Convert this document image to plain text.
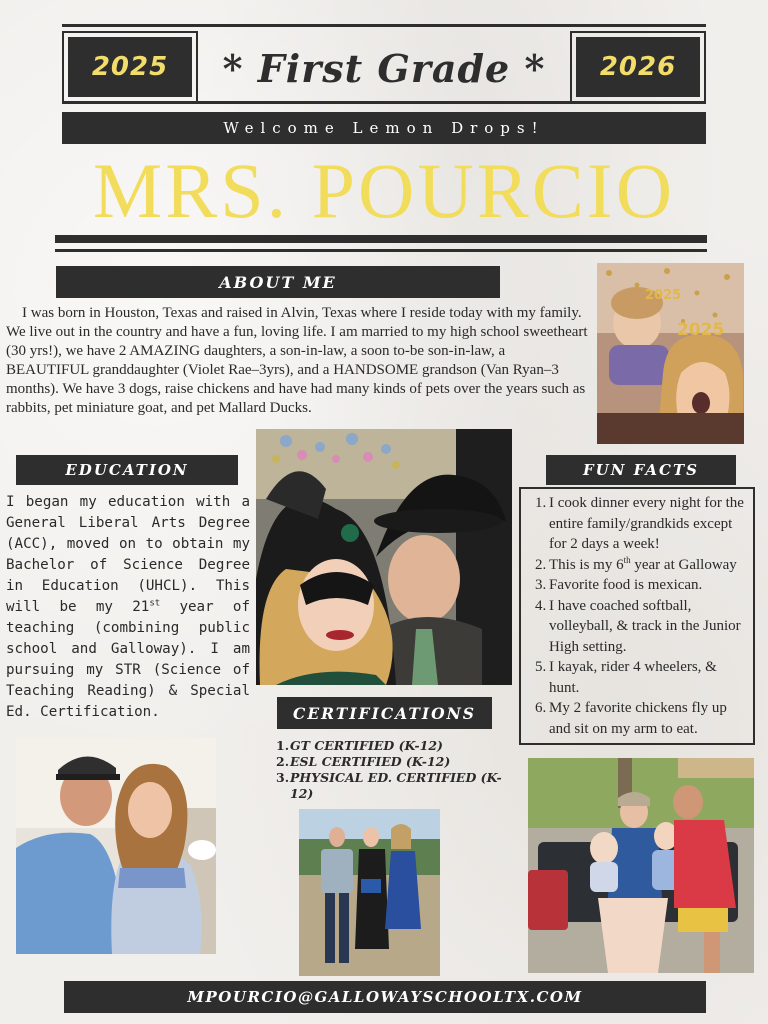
2025	* First Grade *	2026
Welcome Lemon Drops!
MRS. POURCIO
ABOUT ME
I was born in Houston, Texas and raised in Alvin, Texas where I reside today with my family. We live out in the country and have a fun, loving life. I am married to my high school sweetheart (30 yrs!), we have 2 AMAZING daughters, a son-in-law, a soon to-be son-in-law, a BEAUTIFUL granddaughter (Violet Rae–3yrs), and a HANDSOME grandson (Van Ryan–3 months). We have 3 dogs, raise chickens and have had many kinds of pets over the years such as rabbits, pet miniature goat, and pet Mallard Ducks.
2025
2025
EDUCATION
I began my education with a General Liberal Arts Degree (ACC), moved on to obtain my Bachelor of Science Degree in Education (UHCL). This will be my 21st year of teaching (combining public school and Galloway). I am pursuing my STR (Science of Teaching Reading) & Special Ed. Certification.
FUN FACTS
1. I cook dinner every night for the entire family/grandkids except for 2 days a week!
2. This is my 6th year at Galloway
3. Favorite food is mexican.
4. I have coached softball, volleyball, & track in the Junior High setting.
5. I kayak, rider 4 wheelers, & hunt.
6. My 2 favorite chickens fly up and sit on my arm to eat.
CERTIFICATIONS
1. GT CERTIFIED (K-12)
2. ESL CERTIFIED (K-12)
3. PHYSICAL ED. CERTIFIED (K-12)
MPOURCIO@GALLOWAYSCHOOLTX.COM
